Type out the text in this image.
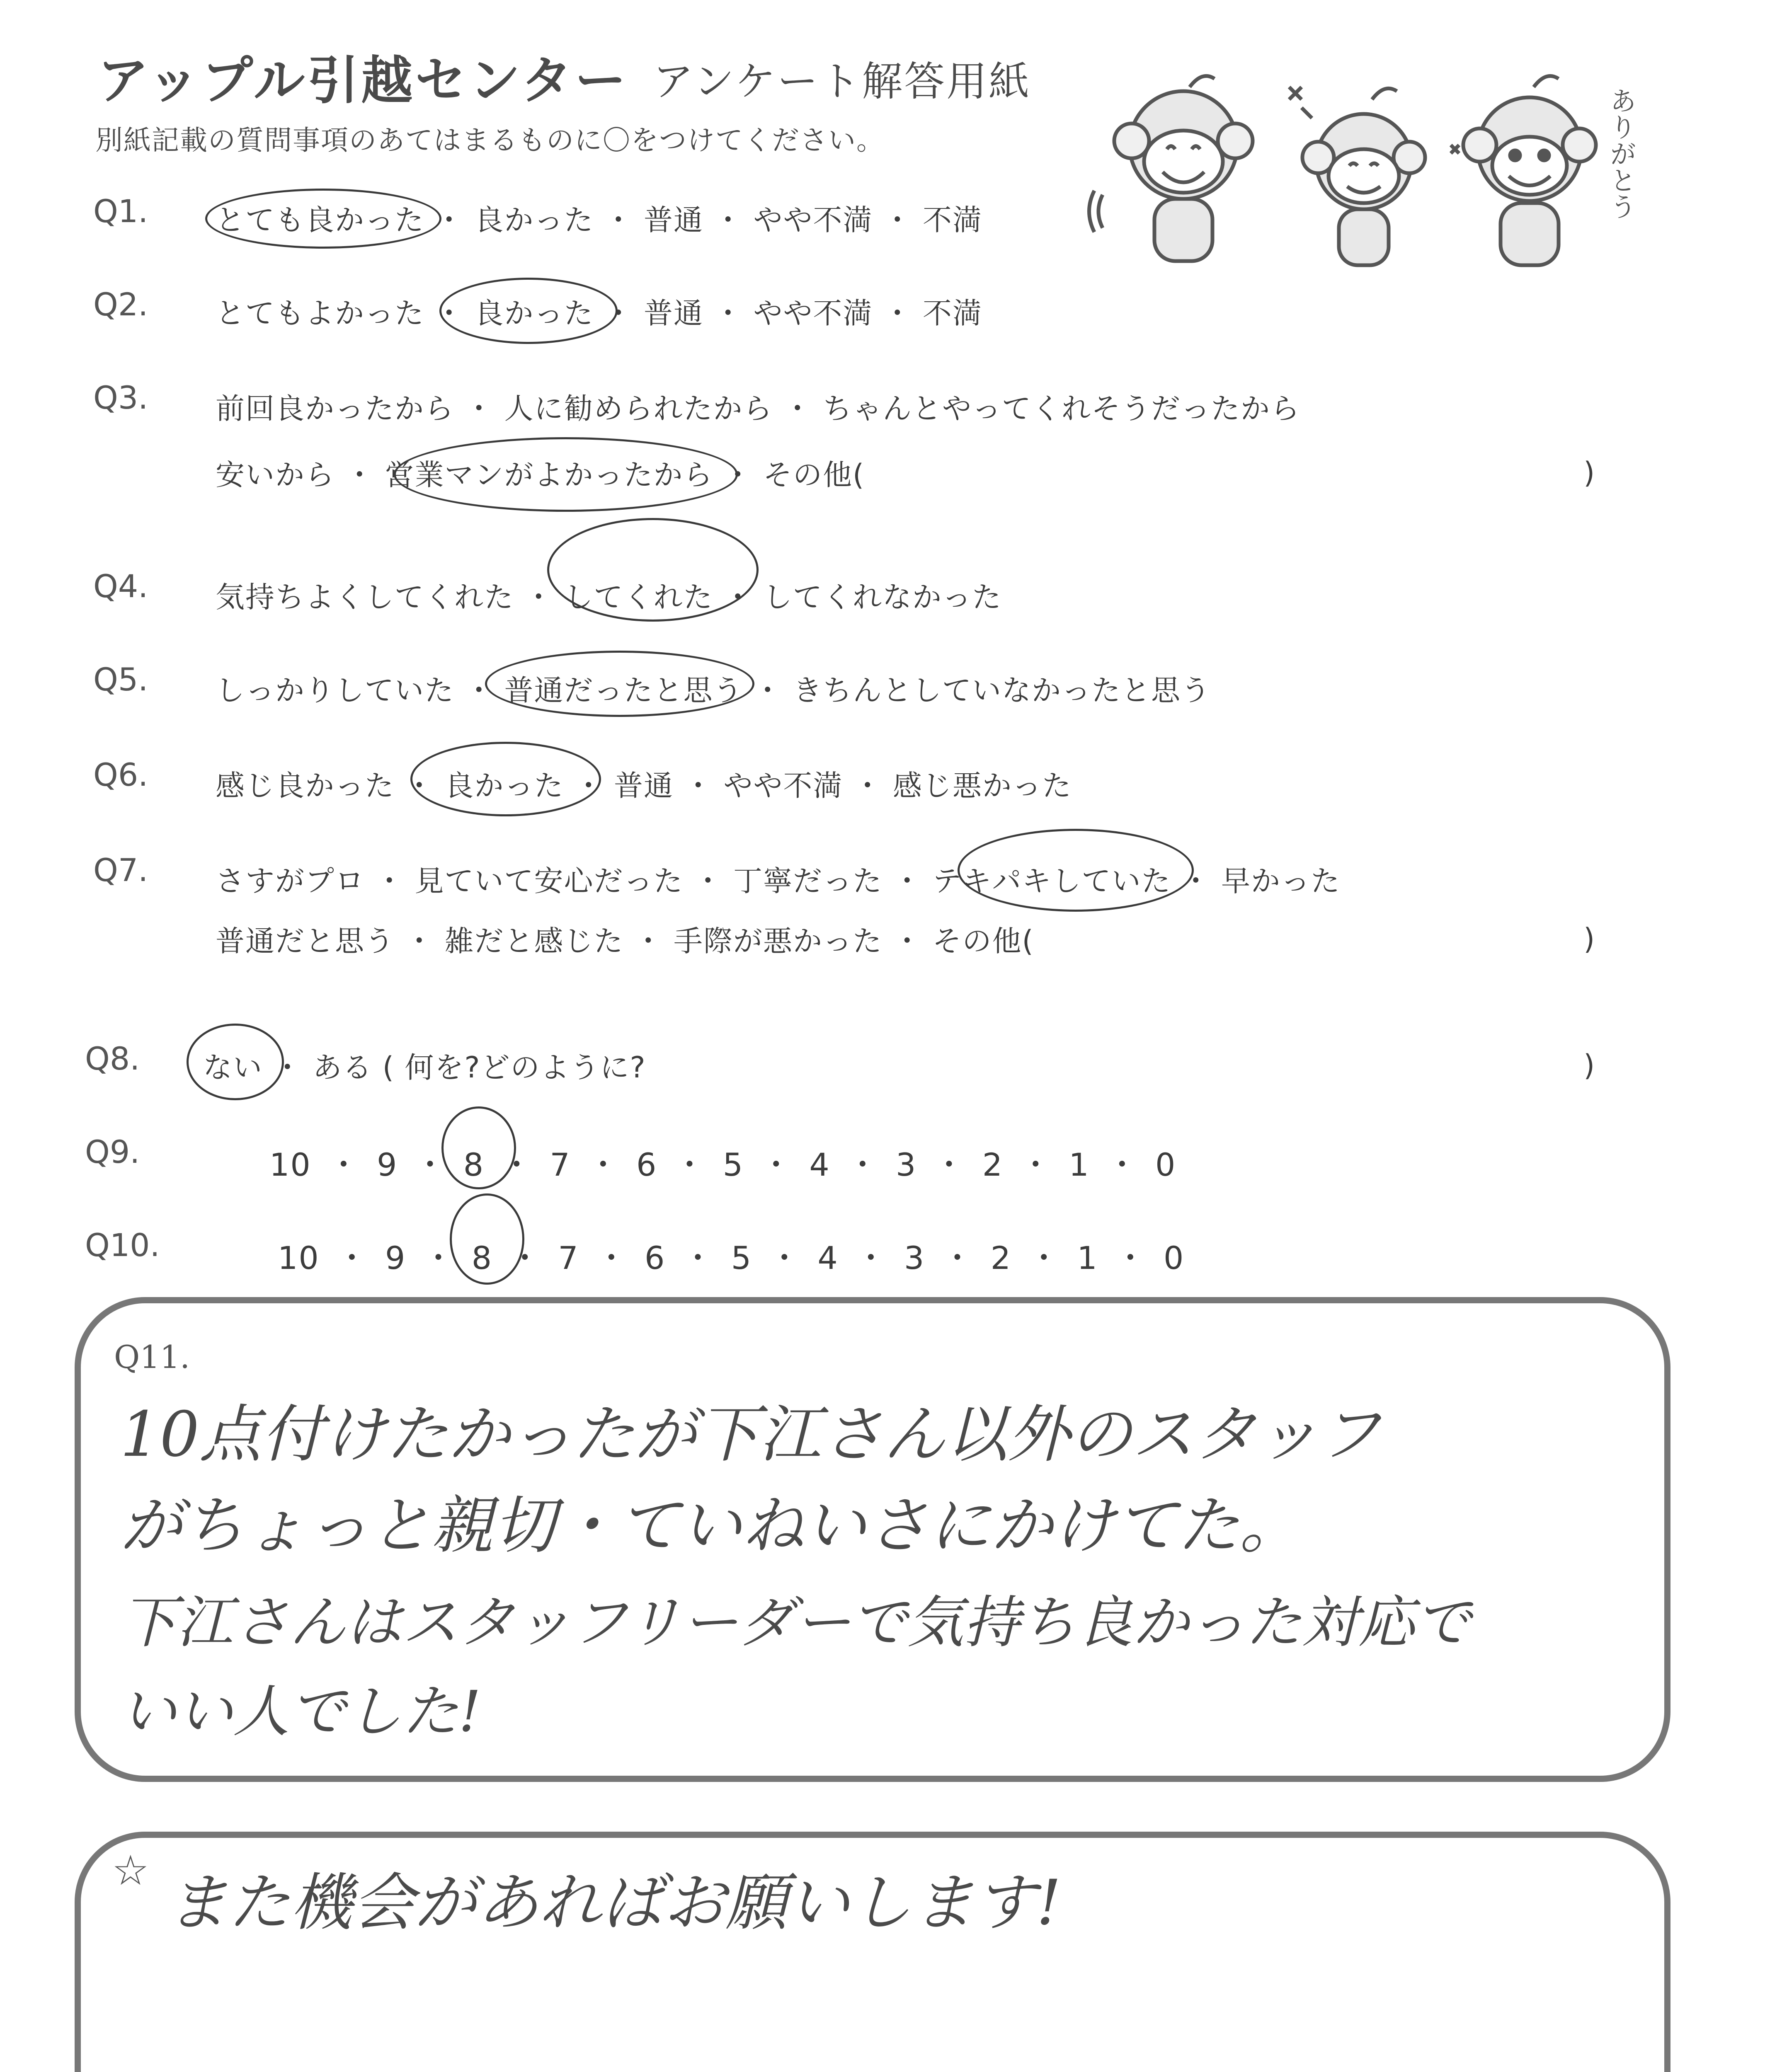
アップル引越センター アンケート解答用紙
別紙記載の質問事項のあてはまるものに〇をつけてください。	ありがとう
Q1. とても良かった ・ 良かった ・ 普通 ・ やや不満 ・ 不満
Q2. とてもよかった ・ 良かった ・ 普通 ・ やや不満 ・ 不満
Q3. 前回良かったから ・ 人に勧められたから ・ ちゃんとやってくれそうだったから
安いから ・ 営業マンがよかったから ・ その他(	)
Q4. 気持ちよくしてくれた ・ してくれた ・ してくれなかった
Q5. しっかりしていた ・ 普通だったと思う ・ きちんとしていなかったと思う
Q6. 感じ良かった ・ 良かった ・ 普通 ・ やや不満 ・ 感じ悪かった
Q7. さすがプロ ・ 見ていて安心だった ・ 丁寧だった ・ テキパキしていた ・ 早かった
普通だと思う ・ 雑だと感じた ・ 手際が悪かった ・ その他(	)
Q8. ない ・ ある ( 何を?どのように?	)
Q9.	10 ・ 9 ・ 8 ・ 7 ・ 6 ・ 5 ・ 4 ・ 3 ・ 2 ・ 1 ・ 0
Q10.	10 ・ 9 ・ 8 ・ 7 ・ 6 ・ 5 ・ 4 ・ 3 ・ 2 ・ 1 ・ 0
Q11.
10点付けたかったが下江さん以外のスタッフ
がちょっと親切・ていねいさにかけてた。
下江さんはスタッフリーダーで気持ち良かった対応で
いい人でした!
☆ また機会があればお願いします!
